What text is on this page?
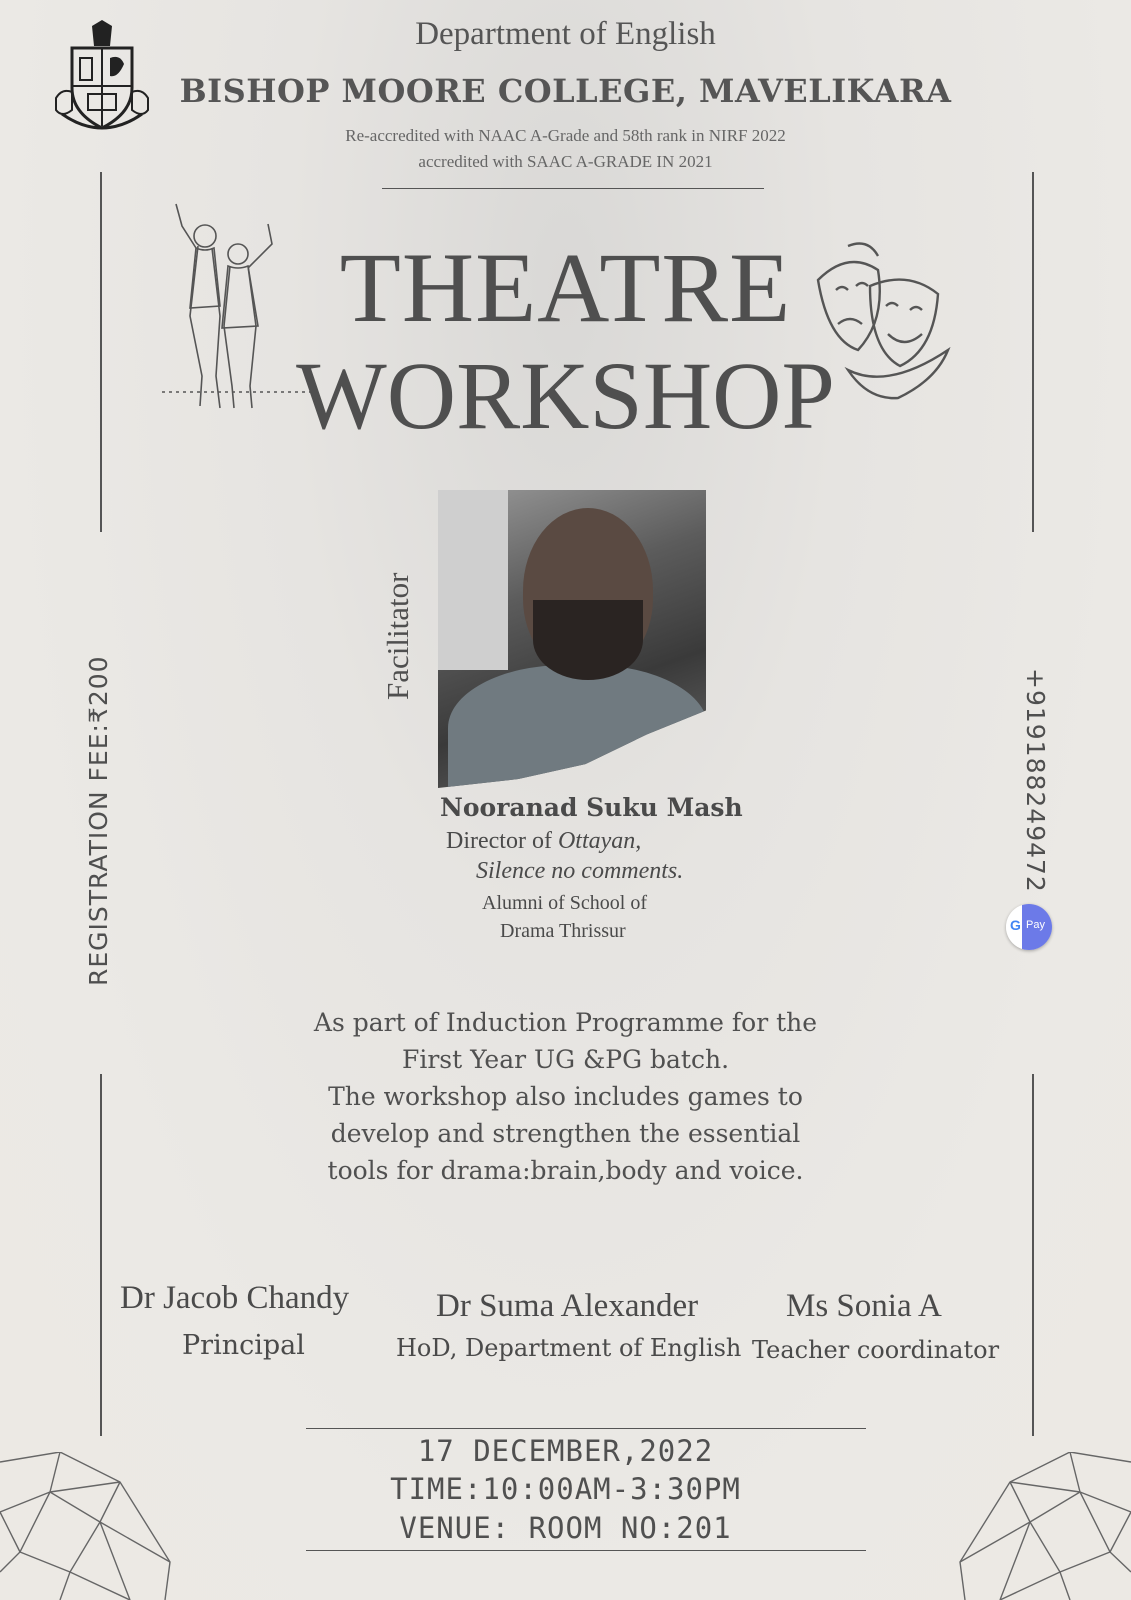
Department of English
BISHOP MOORE COLLEGE, MAVELIKARA
Re-accredited with NAAC A-Grade and 58th rank in NIRF 2022
accredited with SAAC A-GRADE IN 2021
THEATRE
WORKSHOP
Facilitator
Nooranad Suku Mash
Director of Ottayan,
Silence no comments.
Alumni of School of
Drama Thrissur
REGISTRATION FEE:₹200	+919188249472
G Pay
As part of Induction Programme for the
First Year UG &PG batch.
The workshop also includes games to
develop and strengthen the essential
tools for drama:brain,body and voice.
Dr Jacob Chandy
Principal
Dr Suma Alexander
HoD, Department of English
Ms Sonia A
Teacher coordinator
17 DECEMBER,2022
TIME:10:00AM-3:30PM
VENUE: ROOM NO:201
